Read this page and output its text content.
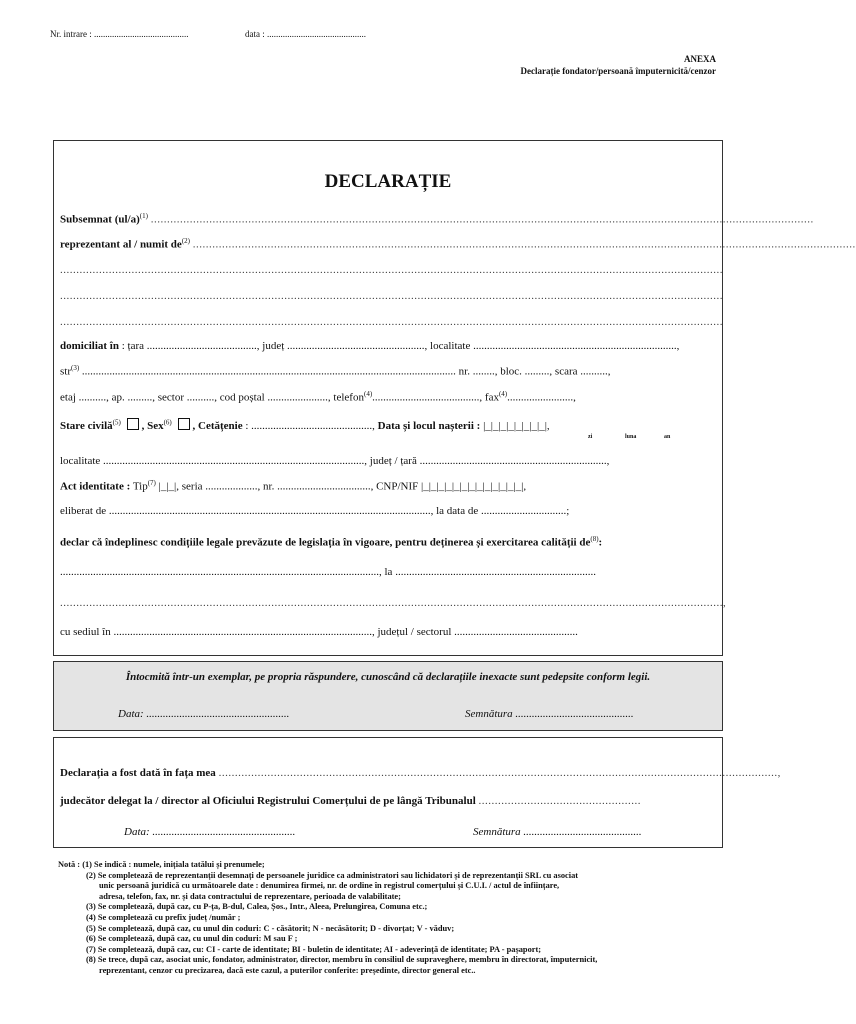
Nr. intrare : ..........................................	data : ............................................
ANEXA
Declarație fondator/persoană împuternicită/cenzor
DECLARAȚIE
Subsemnat $(ul/a)^{(1)}$ ............................................................................................................................................................................................................
reprezentant al / numit $de^{(2)}$ ............................................................................................................................................................................................................
............................................................................................................................................................................................................
............................................................................................................................................................................................................
............................................................................................................................................................................................................
domiciliat în : țara ........................................, județ .................................................., localitate ..........................................................................,
str$^{(3)}$ ........................................................................................................................................ nr. ........, bloc. ........., scara ..........,
etaj .........., ap. ........., sector .........., cod poștal ......................, telefon$^{(4)}$......................................., fax$^{(4)}$........................,
Stare civilă$^{(5)}$ , Sex$^{(6)}$ , Cetățenie : ............................................, Data și locul nașterii : |_|_|_|_|_|_|_|_|,
zi	luna	an
localitate ..............................................................................................., județ / țară ....................................................................,
Act identitate : Tip$^{(7)}$ |_|_|, seria ..................., nr. .................................., CNP/NIF |_|_|_|_|_|_|_|_|_|_|_|_|_|,
eliberat de ....................................................................................................................., la data de ...............................;
declar că îndeplinesc condițiile legale prevăzute de legislația în vigoare, pentru deținerea și exercitarea calității $de^{(8)}$:
...................................................................................................................., la .........................................................................
............................................................................................................................................................................................................,
cu sediul în .............................................................................................., județul / sectorul .............................................
Întocmită într-un exemplar, pe propria răspundere, cunoscând că declarațiile inexacte sunt pedepsite conform legii.
Data: ....................................................	Semnătura ...........................................
Declarația a fost dată în fața mea ............................................................................................................................................................................,
judecător delegat la / director al Oficiului Registrului Comerțului de pe lângă Tribunalul ..................................................
Data: ....................................................	Semnătura ...........................................
Notă : (1) Se indică : numele, inițiala tatălui și prenumele;
(2) Se completează de reprezentanții desemnați de persoanele juridice ca administratori sau lichidatori și de reprezentanții SRL cu asociat
unic persoană juridică cu următoarele date : denumirea firmei, nr. de ordine în registrul comerțului și C.U.I. / actul de înființare,
adresa, telefon, fax, nr. și data contractului de reprezentare, perioada de valabilitate;
(3) Se completează, după caz, cu P-ța, B-dul, Calea, Șos., Intr., Aleea, Prelungirea, Comuna etc.;
(4) Se completează cu prefix județ /număr ;
(5) Se completează, după caz, cu unul din coduri: C - căsătorit; N - necăsătorit; D - divorțat; V - văduv;
(6) Se completează, după caz, cu unul din coduri: M sau F ;
(7) Se completează, după caz, cu: CI - carte de identitate; BI - buletin de identitate; AI - adeverință de identitate; PA - pașaport;
(8) Se trece, după caz, asociat unic, fondator, administrator, director, membru în consiliul de supraveghere, membru în directorat, împuternicit,
reprezentant, cenzor cu precizarea, dacă este cazul, a puterilor conferite: președinte, director general etc..
